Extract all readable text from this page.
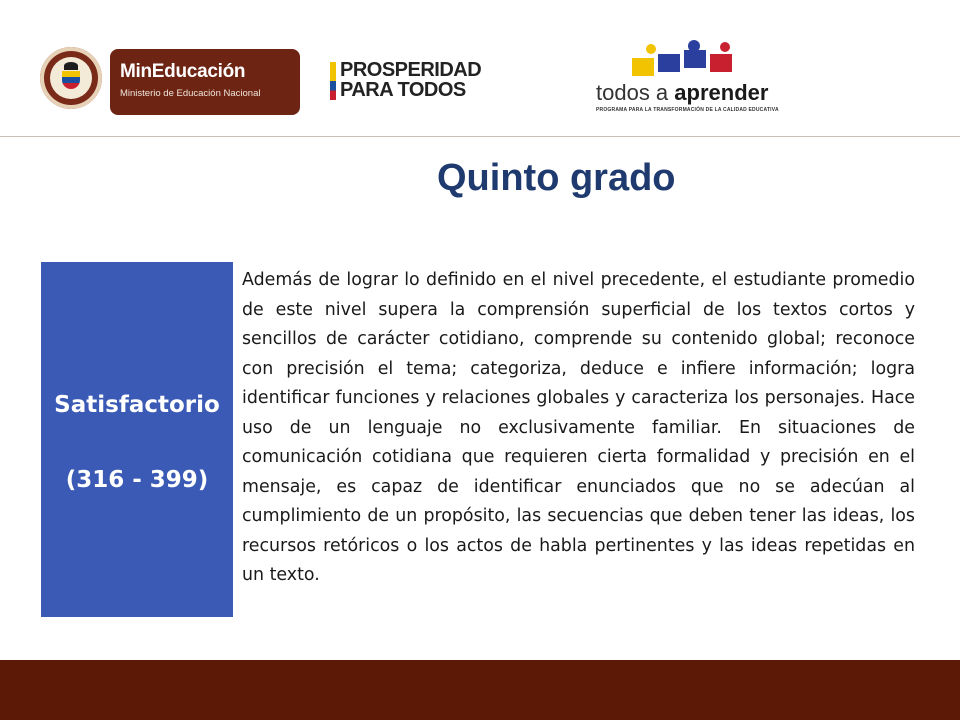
MinEducación
Ministerio de Educación Nacional
PROSPERIDAD
PARA TODOS	todos a aprender
PROGRAMA PARA LA TRANSFORMACIÓN DE LA CALIDAD EDUCATIVA
Quinto grado
Satisfactorio
(316 - 399)

Además de lograr lo definido en el nivel precedente, el estudiante promedio de este nivel supera la comprensión superficial de los textos cortos y sencillos de carácter cotidiano, comprende su contenido global; reconoce con precisión el tema; categoriza, deduce e infiere información; logra identificar funciones y relaciones globales y caracteriza los personajes. Hace uso de un lenguaje no exclusivamente familiar. En situaciones de comunicación cotidiana que requieren cierta formalidad y precisión en el mensaje, es capaz de identificar enunciados que no se adecúan al cumplimiento de un propósito, las secuencias que deben tener las ideas, los recursos retóricos o los actos de habla pertinentes y las ideas repetidas en un texto.
